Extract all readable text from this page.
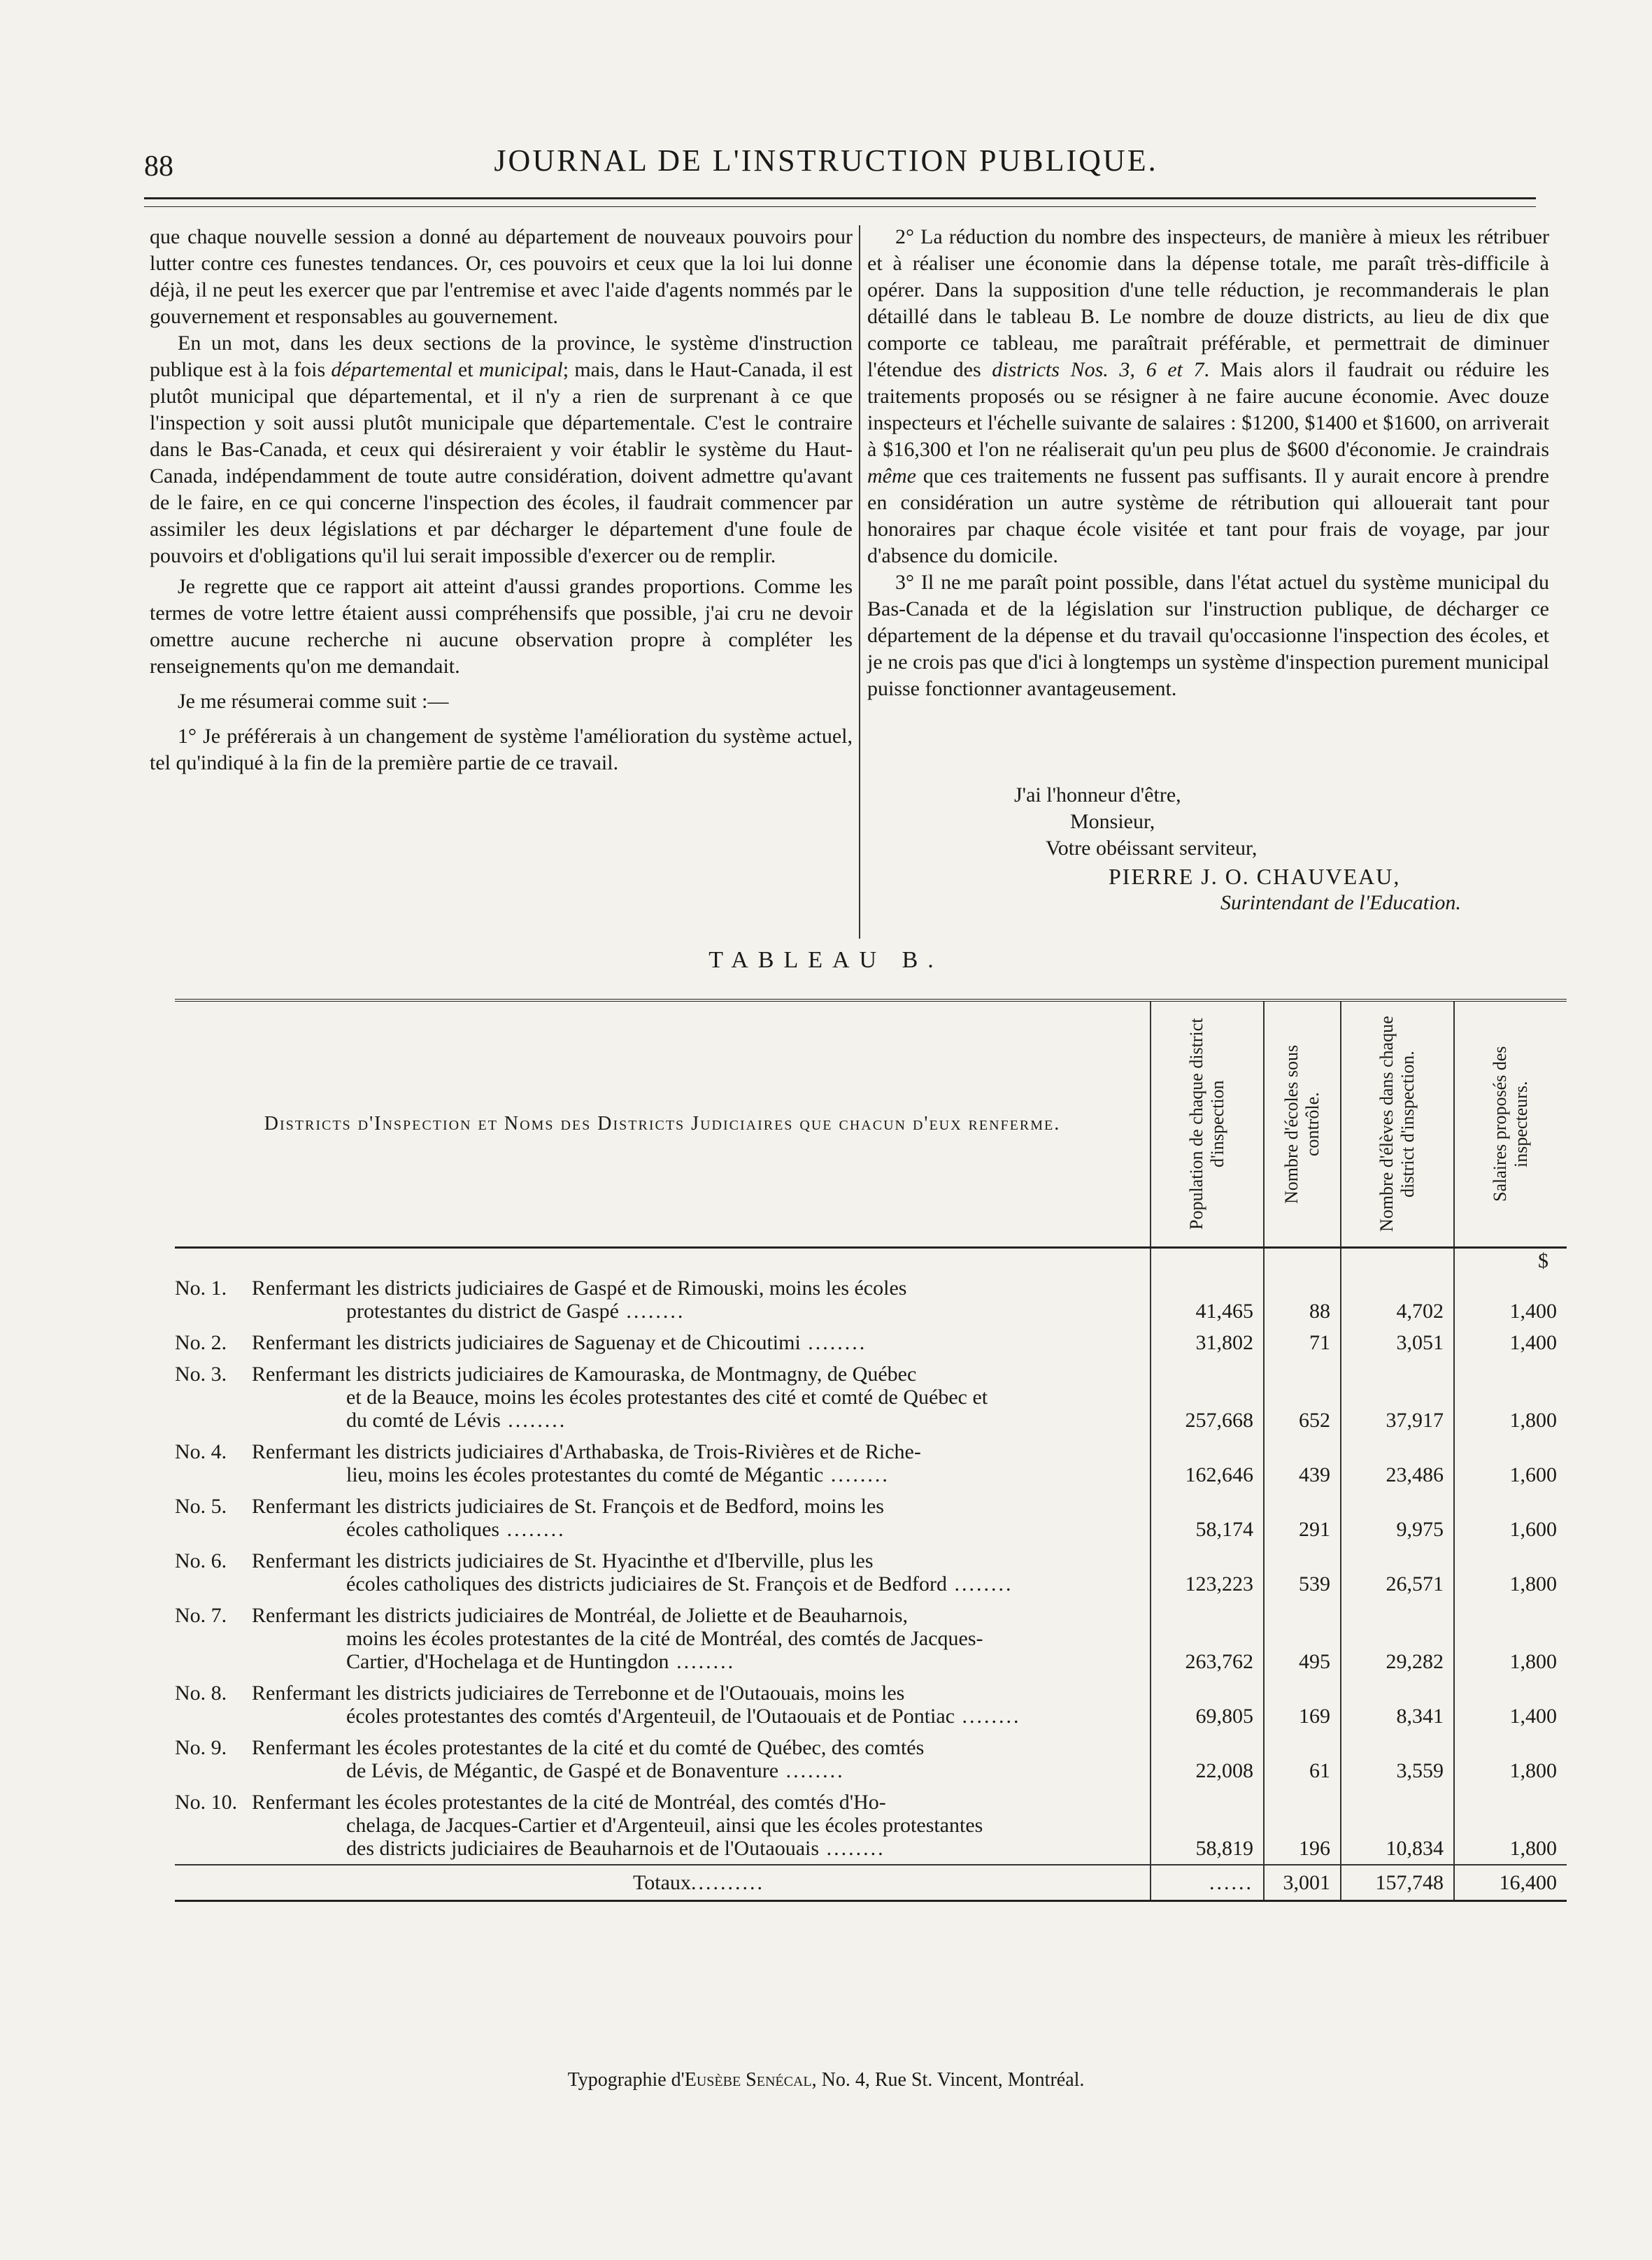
88	JOURNAL DE L'INSTRUCTION PUBLIQUE.

que chaque nouvelle session a donné au département de nouveaux pouvoirs pour lutter contre ces funestes tendances. Or, ces pouvoirs et ceux que la loi lui donne déjà, il ne peut les exercer que par l'entremise et avec l'aide d'agents nommés par le gouvernement et responsables au gouvernement.

En un mot, dans les deux sections de la province, le système d'instruction publique est à la fois départemental et municipal; mais, dans le Haut-Canada, il est plutôt municipal que départemental, et il n'y a rien de surprenant à ce que l'inspection y soit aussi plutôt municipale que départementale. C'est le contraire dans le Bas-Canada, et ceux qui désireraient y voir établir le système du Haut-Canada, indépendamment de toute autre considération, doivent admettre qu'avant de le faire, en ce qui concerne l'inspection des écoles, il faudrait commencer par assimiler les deux législations et par décharger le département d'une foule de pouvoirs et d'obligations qu'il lui serait impossible d'exercer ou de remplir.

Je regrette que ce rapport ait atteint d'aussi grandes proportions. Comme les termes de votre lettre étaient aussi compréhensifs que possible, j'ai cru ne devoir omettre aucune recherche ni aucune observation propre à compléter les renseignements qu'on me demandait.

Je me résumerai comme suit :—

1° Je préférerais à un changement de système l'amélioration du système actuel, tel qu'indiqué à la fin de la première partie de ce travail.

2° La réduction du nombre des inspecteurs, de manière à mieux les rétribuer et à réaliser une économie dans la dépense totale, me paraît très-difficile à opérer. Dans la supposition d'une telle réduction, je recommanderais le plan détaillé dans le tableau B. Le nombre de douze districts, au lieu de dix que comporte ce tableau, me paraîtrait préférable, et permettrait de diminuer l'étendue des districts Nos. 3, 6 et 7. Mais alors il faudrait ou réduire les traitements proposés ou se résigner à ne faire aucune économie. Avec douze inspecteurs et l'échelle suivante de salaires : $1200, $1400 et $1600, on arriverait à $16,300 et l'on ne réaliserait qu'un peu plus de $600 d'économie. Je craindrais même que ces traitements ne fussent pas suffisants. Il y aurait encore à prendre en considération un autre système de rétribution qui allouerait tant pour honoraires par chaque école visitée et tant pour frais de voyage, par jour d'absence du domicile.

3° Il ne me paraît point possible, dans l'état actuel du système municipal du Bas-Canada et de la législation sur l'instruction publique, de décharger ce département de la dépense et du travail qu'occasionne l'inspection des écoles, et je ne crois pas que d'ici à longtemps un système d'inspection purement municipal puisse fonctionner avantageusement.

J'ai l'honneur d'être,
Monsieur,
Votre obéissant serviteur,
PIERRE J. O. CHAUVEAU,
Surintendant de l'Education.
TABLEAU B.
Districts d'Inspection et Noms des Districts Judiciaires que chacun d'eux renferme.		Population de chaque district d'inspection	Nombre d'écoles sous contrôle.	Nombre d'élèves dans chaque district d'inspection.	Salaires proposés des inspecteurs.

					$
No. 1.	Renfermant les districts judiciaires de Gaspé et de Rimouski, moins les écoles
protestantes du district de Gaspé ........	41,465	88	4,702	1,400
No. 2.	Renfermant les districts judiciaires de Saguenay et de Chicoutimi ........	31,802	71	3,051	1,400
No. 3.	Renfermant les districts judiciaires de Kamouraska, de Montmagny, de Québec
et de la Beauce, moins les écoles protestantes des cité et comté de Québec et
du comté de Lévis ........	257,668	652	37,917	1,800
No. 4.	Renfermant les districts judiciaires d'Arthabaska, de Trois-Rivières et de Riche-
lieu, moins les écoles protestantes du comté de Mégantic ........	162,646	439	23,486	1,600
No. 5.	Renfermant les districts judiciaires de St. François et de Bedford, moins les
écoles catholiques ........	58,174	291	9,975	1,600
No. 6.	Renfermant les districts judiciaires de St. Hyacinthe et d'Iberville, plus les
écoles catholiques des districts judiciaires de St. François et de Bedford ........	123,223	539	26,571	1,800
No. 7.	Renfermant les districts judiciaires de Montréal, de Joliette et de Beauharnois,
moins les écoles protestantes de la cité de Montréal, des comtés de Jacques-
Cartier, d'Hochelaga et de Huntingdon ........	263,762	495	29,282	1,800
No. 8.	Renfermant les districts judiciaires de Terrebonne et de l'Outaouais, moins les
écoles protestantes des comtés d'Argenteuil, de l'Outaouais et de Pontiac ........	69,805	169	8,341	1,400
No. 9.	Renfermant les écoles protestantes de la cité et du comté de Québec, des comtés
de Lévis, de Mégantic, de Gaspé et de Bonaventure ........	22,008	61	3,559	1,800
No. 10.	Renfermant les écoles protestantes de la cité de Montréal, des comtés d'Ho-
chelaga, de Jacques-Cartier et d'Argenteuil, ainsi que les écoles protestantes
des districts judiciaires de Beauharnois et de l'Outaouais ........	58,819	196	10,834	1,800
	Totaux..........	......	3,001	157,748	16,400
Typographie d'Eusèbe Senécal, No. 4, Rue St. Vincent, Montréal.
